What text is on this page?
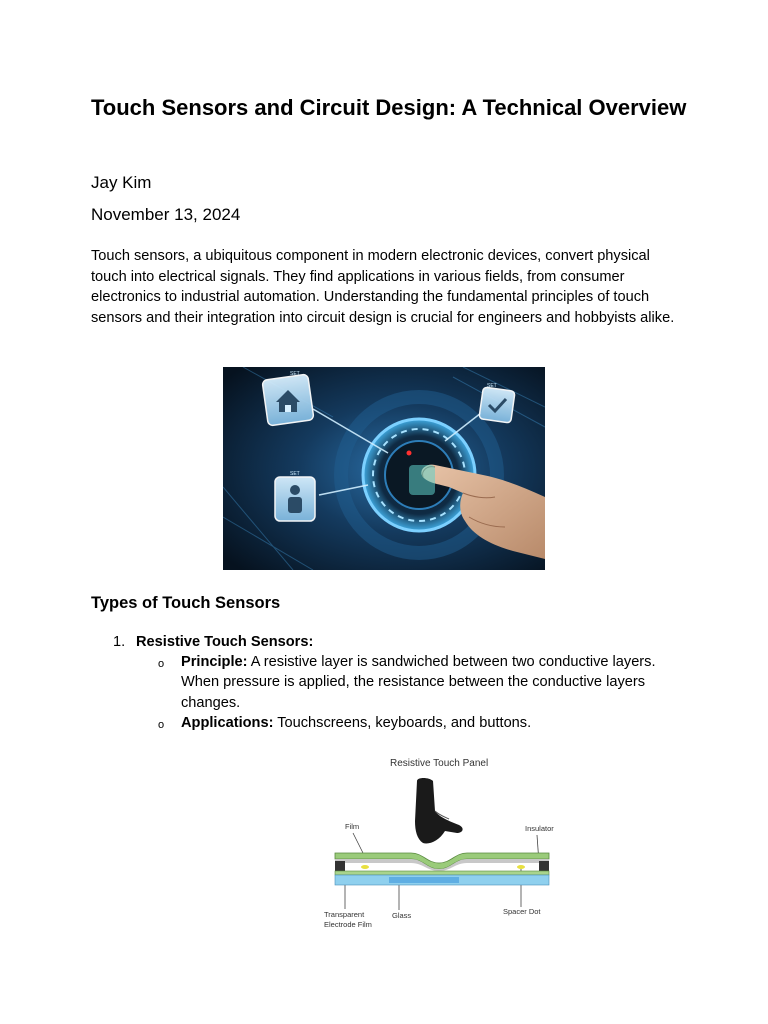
Touch Sensors and Circuit Design: A Technical Overview
Jay Kim
November 13, 2024

Touch sensors, a ubiquitous component in modern electronic devices, convert physical touch into electrical signals. They find applications in various fields, from consumer electronics to industrial automation. Understanding the fundamental principles of touch sensors and their integration into circuit design is crucial for engineers and hobbyists alike.

SET
SET
SET
Types of Touch Sensors
1. Resistive Touch Sensors:
o Principle: A resistive layer is sandwiched between two conductive layers. When pressure is applied, the resistance between the conductive layers changes.
o Applications: Touchscreens, keyboards, and buttons.
Resistive Touch Panel
Film	Insulator
Transparent
Electrode Film
Glass	Spacer Dot
